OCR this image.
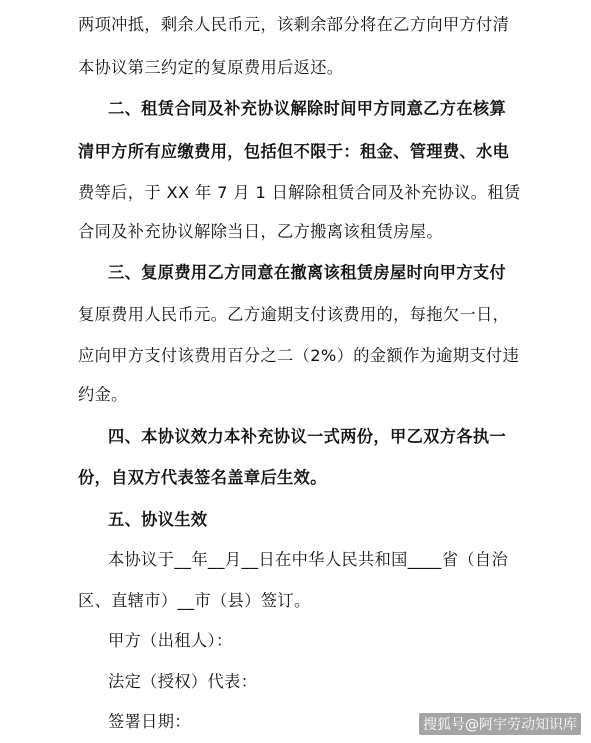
两项冲抵，剩余人民币元，该剩余部分将在乙方向甲方付清
本协议第三约定的复原费用后返还。
二、租赁合同及补充协议解除时间甲方同意乙方在核算
清甲方所有应缴费用，包括但不限于：租金、管理费、水电
费等后，于 XX 年 7 月 1 日解除租赁合同及补充协议。租赁
合同及补充协议解除当日，乙方搬离该租赁房屋。
三、复原费用乙方同意在撤离该租赁房屋时向甲方支付
复原费用人民币元。乙方逾期支付该费用的，每拖欠一日，
应向甲方支付该费用百分之二（2%）的金额作为逾期支付违
约金。
四、本协议效力本补充协议一式两份，甲乙双方各执一
份，自双方代表签名盖章后生效。
五、协议生效
本协议于__年__月__日在中华人民共和国____省（自治
区、直辖市）__市（县）签订。
甲方（出租人）：
法定（授权）代表：
签署日期：	搜狐号@阿宇劳动知识库
